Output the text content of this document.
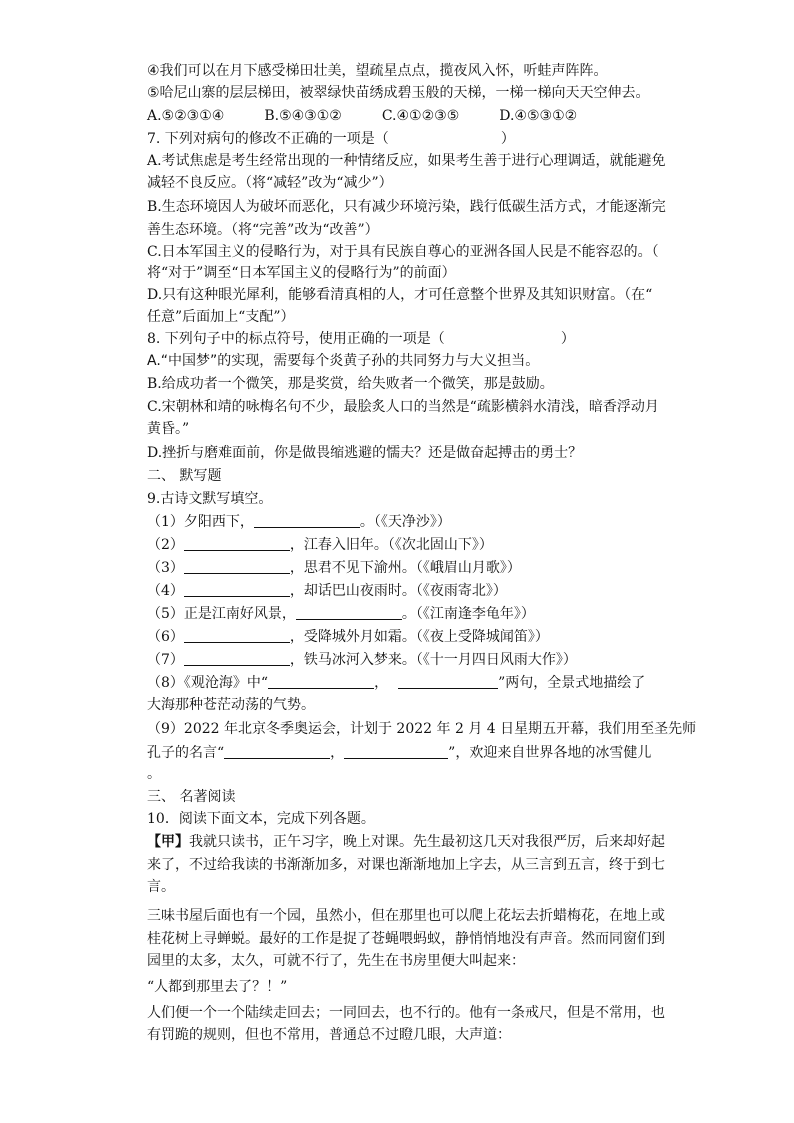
④我们可以在月下感受梯田壮美，望疏星点点，揽夜风入怀，听蛙声阵阵。
⑤哈尼山寨的层层梯田，被翠绿快苗绣成碧玉般的天梯，一梯一梯向天天空伸去。
A.⑤②③①④	B.⑤④③①②	C.④①②③⑤	D.④⑤③①②
7. 下列对病句的修改不正确的一项是（	）
A.考试焦虑是考生经常出现的一种情绪反应，如果考生善于进行心理调适，就能避免
减轻不良反应。（将“减轻”改为“减少”）
B.生态环境因人为破坏而恶化，只有减少环境污染，践行低碳生活方式，才能逐渐完
善生态环境。（将“完善”改为“改善”）
C.日本军国主义的侵略行为，对于具有民族自尊心的亚洲各国人民是不能容忍的。（
将“对于”调至“日本军国主义的侵略行为”的前面）
D.只有这种眼光犀利，能够看清真相的人，才可任意整个世界及其知识财富。（在“
任意”后面加上“支配”）
8. 下列句子中的标点符号，使用正确的一项是（	）
A.“中国梦”的实现，需要每个炎黄子孙的共同努力与大义担当。
B.给成功者一个微笑，那是奖赏，给失败者一个微笑，那是鼓励。
C.宋朝林和靖的咏梅名句不少，最脍炙人口的当然是“疏影横斜水清浅，暗香浮动月
黄昏。”
D.挫折与磨难面前，你是做畏缩逃避的懦夫？还是做奋起搏击的勇士？
二、 默写题
9.古诗文默写填空。
（1）夕阳西下，	。（《天净沙》）
（2）	，江春入旧年。（《次北固山下》）
（3）	，思君不见下渝州。（《峨眉山月歌》）
（4）	，却话巴山夜雨时。（《夜雨寄北》）
（5）正是江南好风景，	。（《江南逢李龟年》）
（6）	，受降城外月如霜。（《夜上受降城闻笛》）
（7）	，铁马冰河入梦来。（《十一月四日风雨大作》）
（8）《观沧海》中“	，	”两句，全景式地描绘了
大海那种苍茫动荡的气势。
（9）2022 年北京冬季奥运会，计划于 2022 年 2 月 4 日星期五开幕，我们用至圣先师
孔子的名言“	，	”，欢迎来自世界各地的冰雪健儿
。
三、 名著阅读
10．阅读下面文本，完成下列各题。
【甲】我就只读书，正午习字，晚上对课。先生最初这几天对我很严厉，后来却好起
来了，不过给我读的书渐渐加多，对课也渐渐地加上字去，从三言到五言，终于到七
言。
三味书屋后面也有一个园，虽然小，但在那里也可以爬上花坛去折蜡梅花，在地上或
桂花树上寻蝉蜕。最好的工作是捉了苍蝇喂蚂蚁，静悄悄地没有声音。然而同窗们到
园里的太多，太久，可就不行了，先生在书房里便大叫起来：
“人都到那里去了？！”
人们便一个一个陆续走回去；一同回去，也不行的。他有一条戒尺，但是不常用，也
有罚跪的规则，但也不常用，普通总不过瞪几眼，大声道：
